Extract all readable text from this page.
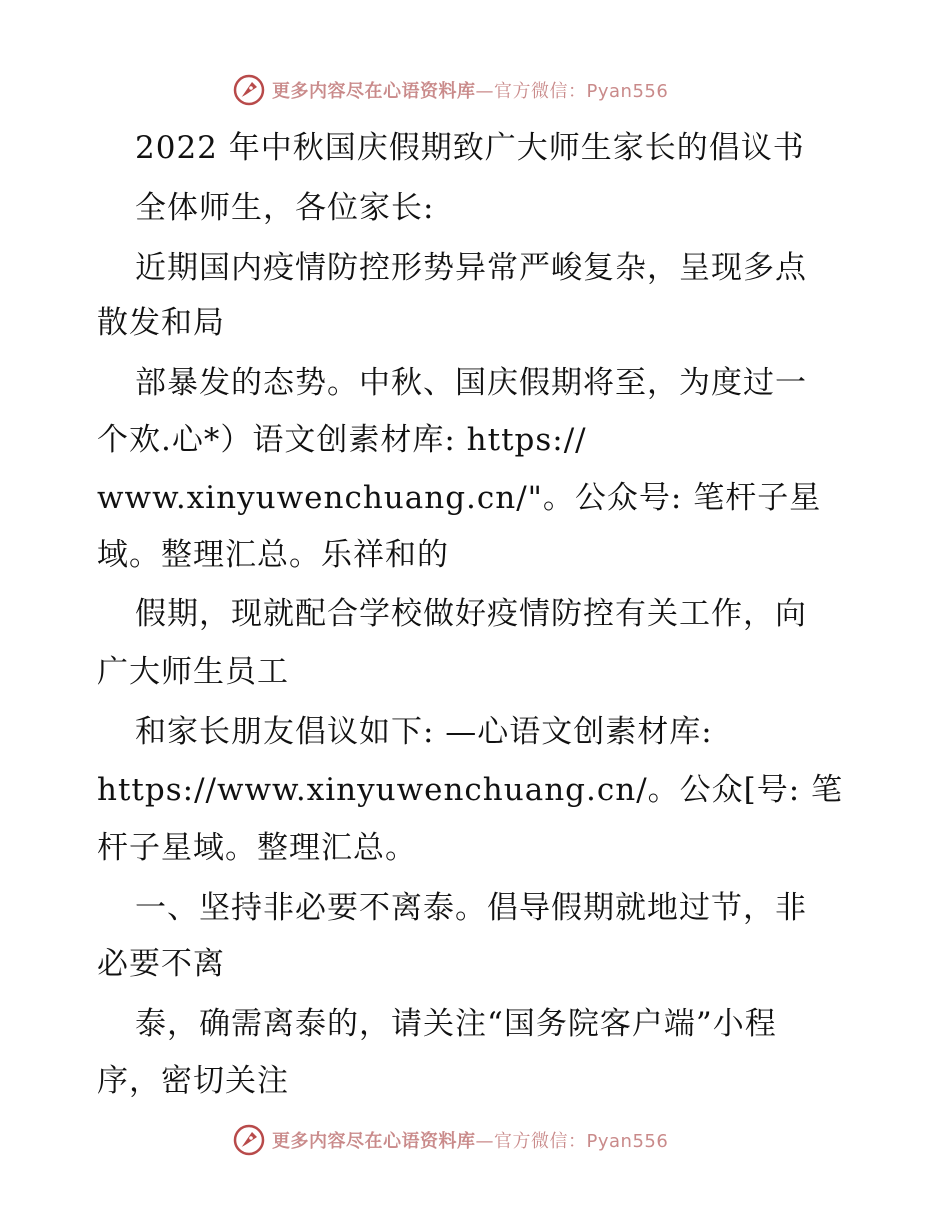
更多内容尽在心语资料库—官方微信：Pyan556
2022 年中秋国庆假期致广大师生家长的倡议书
全体师生，各位家长:
近期国内疫情防控形势异常严峻复杂，呈现多点
散发和局
部暴发的态势。中秋、国庆假期将至，为度过一
个欢.心*）语文创素材库: https://
www.xinyuwenchuang.cn/"。公众号: 笔杆子星
域。整理汇总。乐祥和的
假期，现就配合学校做好疫情防控有关工作，向
广大师生员工
和家长朋友倡议如下: —心语文创素材库:
https://www.xinyuwenchuang.cn/。公众[号: 笔
杆子星域。整理汇总。
一、坚持非必要不离泰。倡导假期就地过节，非
必要不离
泰，确需离泰的，请关注“国务院客户端”小程
序，密切关注
更多内容尽在心语资料库—官方微信：Pyan556
